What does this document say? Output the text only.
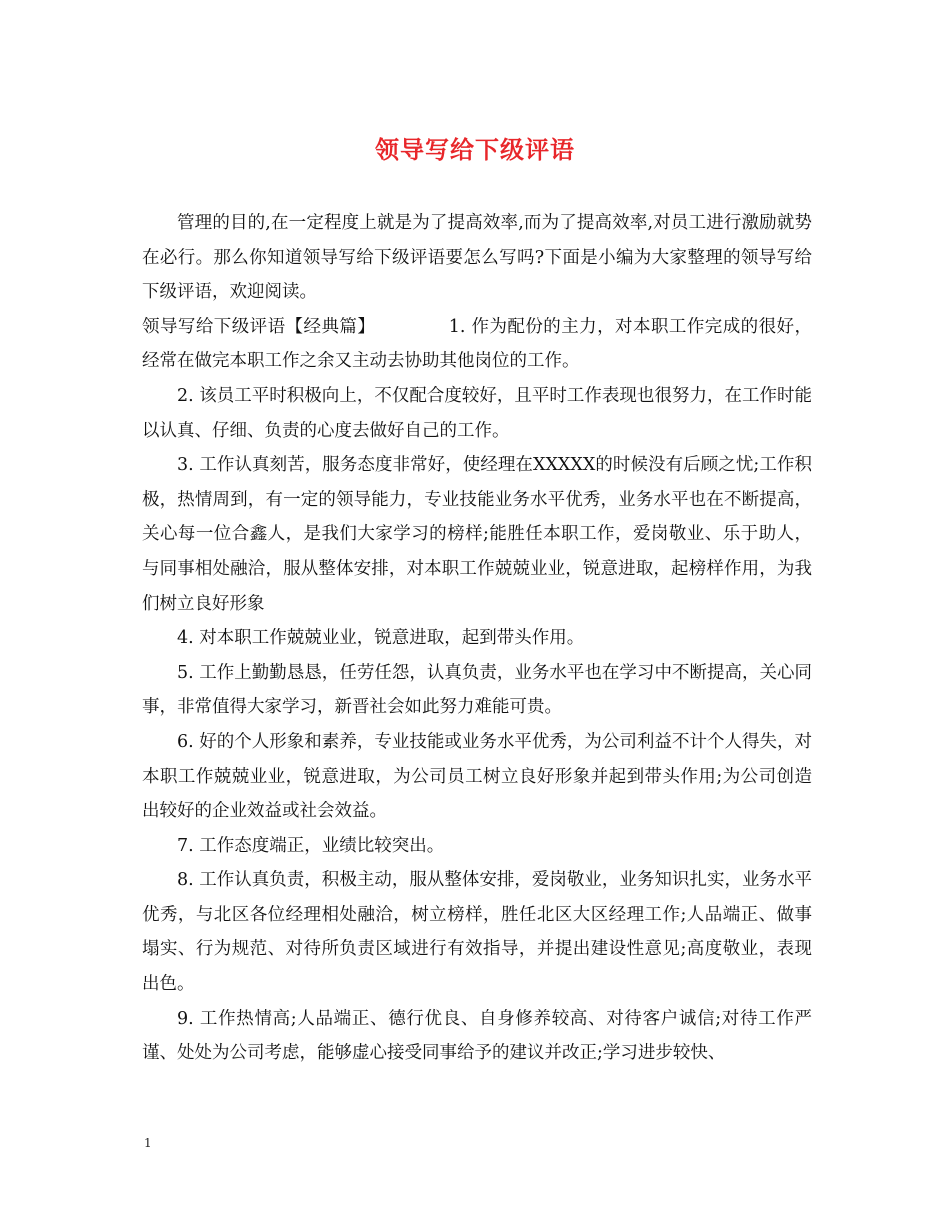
领导写给下级评语

管理的目的,在一定程度上就是为了提高效率,而为了提高效率,对员工进行激励就势在必行。那么你知道领导写给下级评语要怎么写吗?下面是小编为大家整理的领导写给下级评语，欢迎阅读。

领导写给下级评语【经典篇】	1. 作为配份的主力，对本职工作完成的很好，经常在做完本职工作之余又主动去协助其他岗位的工作。

2. 该员工平时积极向上，不仅配合度较好，且平时工作表现也很努力，在工作时能以认真、仔细、负责的心度去做好自己的工作。

3. 工作认真刻苦，服务态度非常好，使经理在XXXXX的时候没有后顾之忧;工作积极，热情周到，有一定的领导能力，专业技能业务水平优秀，业务水平也在不断提高，关心每一位合鑫人，是我们大家学习的榜样;能胜任本职工作，爱岗敬业、乐于助人，与同事相处融洽，服从整体安排，对本职工作兢兢业业，锐意进取，起榜样作用，为我们树立良好形象

4. 对本职工作兢兢业业，锐意进取，起到带头作用。

5. 工作上勤勤恳恳，任劳任怨，认真负责，业务水平也在学习中不断提高，关心同事，非常值得大家学习，新晋社会如此努力难能可贵。

6. 好的个人形象和素养，专业技能或业务水平优秀，为公司利益不计个人得失，对本职工作兢兢业业，锐意进取，为公司员工树立良好形象并起到带头作用;为公司创造出较好的企业效益或社会效益。

7. 工作态度端正，业绩比较突出。

8. 工作认真负责，积极主动，服从整体安排，爱岗敬业，业务知识扎实，业务水平优秀，与北区各位经理相处融洽，树立榜样，胜任北区大区经理工作;人品端正、做事塌实、行为规范、对待所负责区域进行有效指导，并提出建设性意见;高度敬业，表现出色。

9. 工作热情高;人品端正、德行优良、自身修养较高、对待客户诚信;对待工作严谨、处处为公司考虑，能够虚心接受同事给予的建议并改正;学习进步较快、

1
